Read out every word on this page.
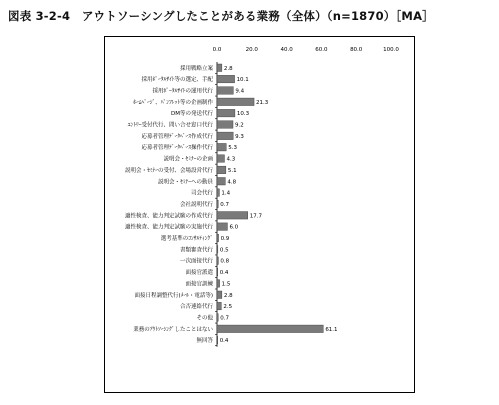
図表 3-2-4　アウトソーシングしたことがある業務（全体）（n=1870）［MA］
0.0	20.0	40.0	60.0	80.0	100.0
採用戦略立案 2.8
採用ﾎﾟｰﾀﾙｻｲﾄ等の選定、手配	10.1
採用ﾎﾟｰﾀﾙｻｲﾄの運用代行	9.4
ﾎｰﾑﾍﾟｰｼﾞ、ﾊﾟﾝﾌﾚｯﾄ等の企画制作	21.3
DM等の発送代行	10.3
ｴﾝﾄﾘｰ受付代行、問い合せ窓口代行	9.2
応募者管理ﾃﾞｰﾀﾍﾞｰｽ作成代行	9.3
応募者管理ﾃﾞｰﾀﾍﾞｰｽ操作代行	5.3
説明会・ｾﾐﾅｰの企画 4.3
説明会・ｾﾐﾅｰの受付、会場設営代行	5.1
説明会・ｾﾐﾅｰへの動員	4.8
司会代行 1.4
会社説明代行 0.7
適性検査、能力判定試験の作成代行	17.7
適性検査、能力判定試験の実施代行	6.0
選考基準のｺﾝｻﾙﾃｨﾝｸﾞ 0.9
書類審査代行 0.5
一次面接代行 0.8
面接官派遣 0.4
面接官訓練 1.5
面接日程調整代行(ﾒｰﾙ・電話等) 2.8
合否連絡代行 2.5
その他 0.7
業務のｱｳﾄｿｰｼﾝｸﾞしたことはない	61.1
無回答 0.4
